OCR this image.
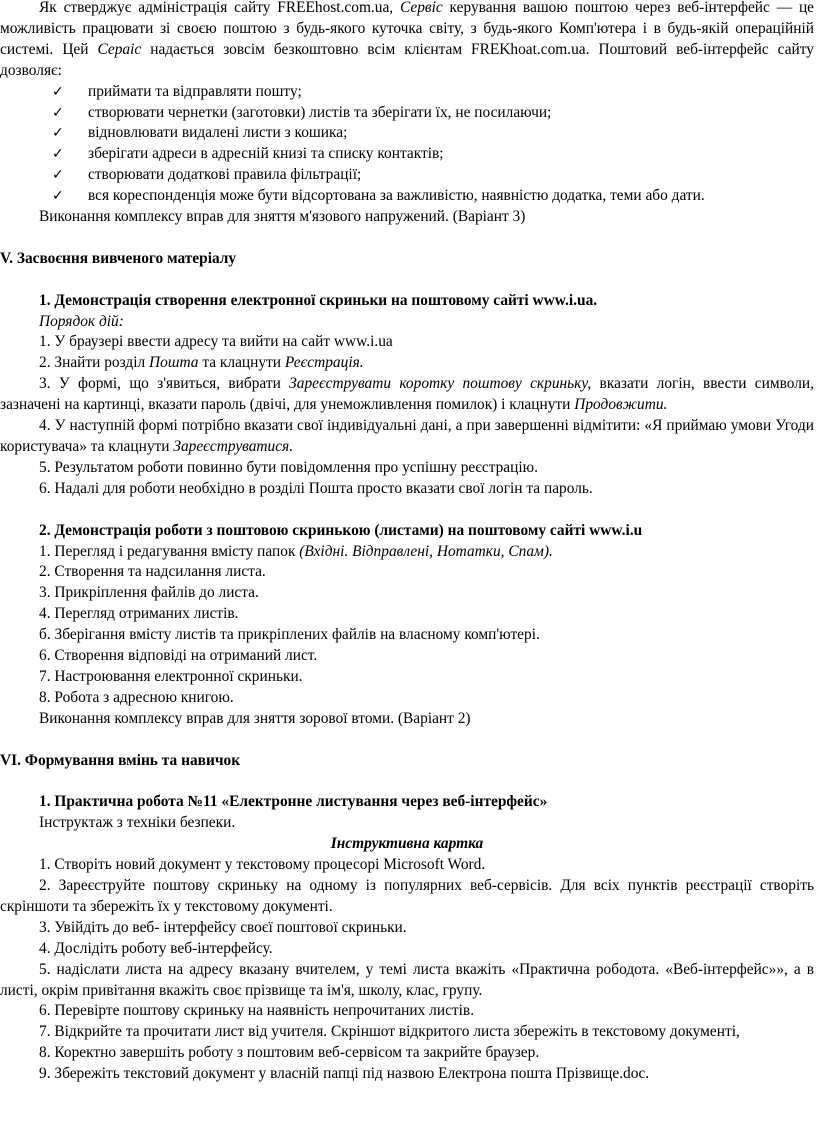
Як стверджує адміністрація сайту FREEhost.com.ua, Сервіс керування вашою поштою через веб-інтерфейс — це можливість працювати зі своєю поштою з будь-якого куточка світу, з будь-якого Комп'ютера і в будь-якій операційній системі. Цей Сераіс надається зовсім безкоштовно всім клієнтам FREKhoat.com.ua. Поштовий веб-інтерфейс сайту дозволяє:

✓ приймати та відправляти пошту;
✓ створювати чернетки (заготовки) листів та зберігати їх, не посилаючи;
✓ відновлювати видалені листи з кошика;
✓ зберігати адреси в адресній книзі та списку контактів;
✓ створювати додаткові правила фільтрації;
✓ вся кореспонденція може бути відсортована за важливістю, наявністю додатка, теми або дати.

Виконання комплексу вправ для зняття м'язового напружений. (Варіант 3)

V. Засвоєння вивченого матеріалу

1. Демонстрація створення електронної скриньки на поштовому сайті www.i.ua.

Порядок дій:

1. У браузері ввести адресу та вийти на сайт www.i.ua

2. Знайти розділ Пошта та клацнути Реєстрація.

3. У формі, що з'явиться, вибрати Зареєструвати коротку поштову скриньку, вказати логін, ввести символи, зазначені на картинці, вказати пароль (двічі, для унеможливлення помилок) і клацнути Продовжити.

4. У наступній формі потрібно вказати свої індивідуальні дані, а при завершенні відмітити: «Я приймаю умови Угоди користувача» та клацнути Зареєструватися.

5. Результатом роботи повинно бути повідомлення про успішну реєстрацію.

6. Надалі для роботи необхідно в розділі Пошта просто вказати свої логін та пароль.

2. Демонстрація роботи з поштовою скринькою (листами) на поштовому сайті www.i.u

1. Перегляд і редагування вмісту папок (Вхідні. Відправлені, Нотатки, Спам).

2. Створення та надсилання листа.

3. Прикріплення файлів до листа.

4. Перегляд отриманих листів.

б. Зберігання вмісту листів та прикріплених файлів на власному комп'ютері.

6. Створення відповіді на отриманий лист.

7. Настроювання електронної скриньки.

8. Робота з адресною книгою.

Виконання комплексу вправ для зняття зорової втоми. (Варіант 2)

VI. Формування вмінь та навичок

1. Практична робота №11 «Електронне листування через веб-інтерфейс»

Інструктаж з техніки безпеки.

Інструктивна картка

1. Створіть новий документ у текстовому процесорі Microsoft Word.

2. Зареєструйте поштову скриньку на одному із популярних веб-сервісів. Для всіх пунктів реєстрації створіть скріншоти та збережіть їх у текстовому документі.

3. Увійдіть до веб- інтерфейсу своєї поштової скриньки.

4. Дослідіть роботу веб-інтерфейсу.

5. надіслати листа на адресу вказану вчителем, у темі листа вкажіть «Практична рободота. «Веб-інтерфейс»», а в листі, окрім привітання вкажіть своє прізвище та ім'я, школу, клас, групу.

6. Перевірте поштову скриньку на наявність непрочитаних листів.

7. Відкрийте та прочитати лист від учителя. Скріншот відкритого листа збережіть в текстовому документі,

8. Коректно завершіть роботу з поштовим веб-сервісом та закрийте браузер.

9. Збережіть текстовий документ у власній папці під назвою Електрона пошта Прізвище.doc.
